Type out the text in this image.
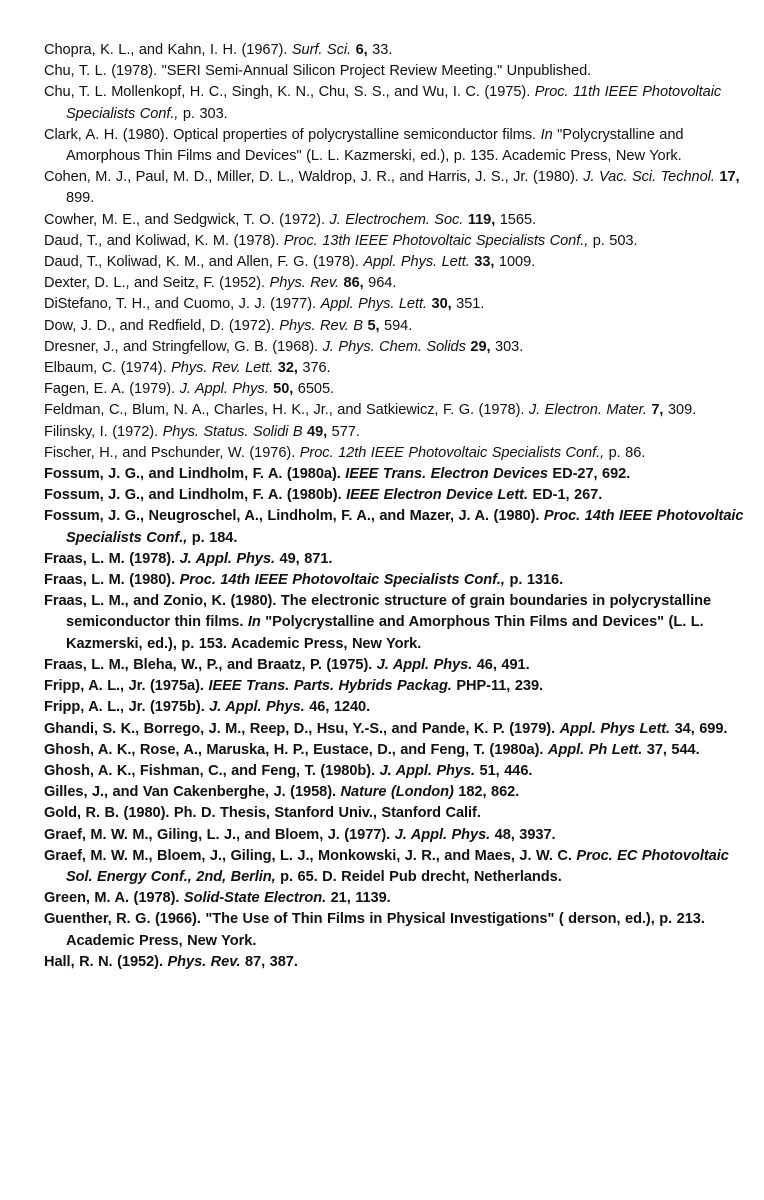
Chopra, K. L., and Kahn, I. H. (1967). Surf. Sci. 6, 33.

Chu, T. L. (1978). "SERI Semi-Annual Silicon Project Review Meeting." Unpublished.

Chu, T. L. Mollenkopf, H. C., Singh, K. N., Chu, S. S., and Wu, I. C. (1975). Proc. 11th IEEE Photovoltaic Specialists Conf., p. 303.

Clark, A. H. (1980). Optical properties of polycrystalline semiconductor films. In "Polycrystalline and Amorphous Thin Films and Devices" (L. L. Kazmerski, ed.), p. 135. Academic Press, New York.

Cohen, M. J., Paul, M. D., Miller, D. L., Waldrop, J. R., and Harris, J. S., Jr. (1980). J. Vac. Sci. Technol. 17, 899.

Cowher, M. E., and Sedgwick, T. O. (1972). J. Electrochem. Soc. 119, 1565.

Daud, T., and Koliwad, K. M. (1978). Proc. 13th IEEE Photovoltaic Specialists Conf., p. 503.

Daud, T., Koliwad, K. M., and Allen, F. G. (1978). Appl. Phys. Lett. 33, 1009.

Dexter, D. L., and Seitz, F. (1952). Phys. Rev. 86, 964.

DiStefano, T. H., and Cuomo, J. J. (1977). Appl. Phys. Lett. 30, 351.

Dow, J. D., and Redfield, D. (1972). Phys. Rev. B 5, 594.

Dresner, J., and Stringfellow, G. B. (1968). J. Phys. Chem. Solids 29, 303.

Elbaum, C. (1974). Phys. Rev. Lett. 32, 376.

Fagen, E. A. (1979). J. Appl. Phys. 50, 6505.

Feldman, C., Blum, N. A., Charles, H. K., Jr., and Satkiewicz, F. G. (1978). J. Electron. Mater. 7, 309.

Filinsky, I. (1972). Phys. Status. Solidi B 49, 577.

Fischer, H., and Pschunder, W. (1976). Proc. 12th IEEE Photovoltaic Specialists Conf., p. 86.

Fossum, J. G., and Lindholm, F. A. (1980a). IEEE Trans. Electron Devices ED-27, 692.

Fossum, J. G., and Lindholm, F. A. (1980b). IEEE Electron Device Lett. ED-1, 267.

Fossum, J. G., Neugroschel, A., Lindholm, F. A., and Mazer, J. A. (1980). Proc. 14th IEEE Photovoltaic Specialists Conf., p. 184.

Fraas, L. M. (1978). J. Appl. Phys. 49, 871.

Fraas, L. M. (1980). Proc. 14th IEEE Photovoltaic Specialists Conf., p. 1316.

Fraas, L. M., and Zonio, K. (1980). The electronic structure of grain boundaries in polycrystalline semiconductor thin films. In "Polycrystalline and Amorphous Thin Films and Devices" (L. L. Kazmerski, ed.), p. 153. Academic Press, New York.

Fraas, L. M., Bleha, W., P., and Braatz, P. (1975). J. Appl. Phys. 46, 491.

Fripp, A. L., Jr. (1975a). IEEE Trans. Parts. Hybrids Packag. PHP-11, 239.

Fripp, A. L., Jr. (1975b). J. Appl. Phys. 46, 1240.

Ghandi, S. K., Borrego, J. M., Reep, D., Hsu, Y.-S., and Pande, K. P. (1979). Appl. Phys Lett. 34, 699.

Ghosh, A. K., Rose, A., Maruska, H. P., Eustace, D., and Feng, T. (1980a). Appl. Ph Lett. 37, 544.

Ghosh, A. K., Fishman, C., and Feng, T. (1980b). J. Appl. Phys. 51, 446.

Gilles, J., and Van Cakenberghe, J. (1958). Nature (London) 182, 862.

Gold, R. B. (1980). Ph. D. Thesis, Stanford Univ., Stanford Calif.

Graef, M. W. M., Giling, L. J., and Bloem, J. (1977). J. Appl. Phys. 48, 3937.

Graef, M. W. M., Bloem, J., Giling, L. J., Monkowski, J. R., and Maes, J. W. C. Proc. EC Photovoltaic Sol. Energy Conf., 2nd, Berlin, p. 65. D. Reidel Pub drecht, Netherlands.

Green, M. A. (1978). Solid-State Electron. 21, 1139.

Guenther, R. G. (1966). "The Use of Thin Films in Physical Investigations" ( derson, ed.), p. 213. Academic Press, New York.

Hall, R. N. (1952). Phys. Rev. 87, 387.
